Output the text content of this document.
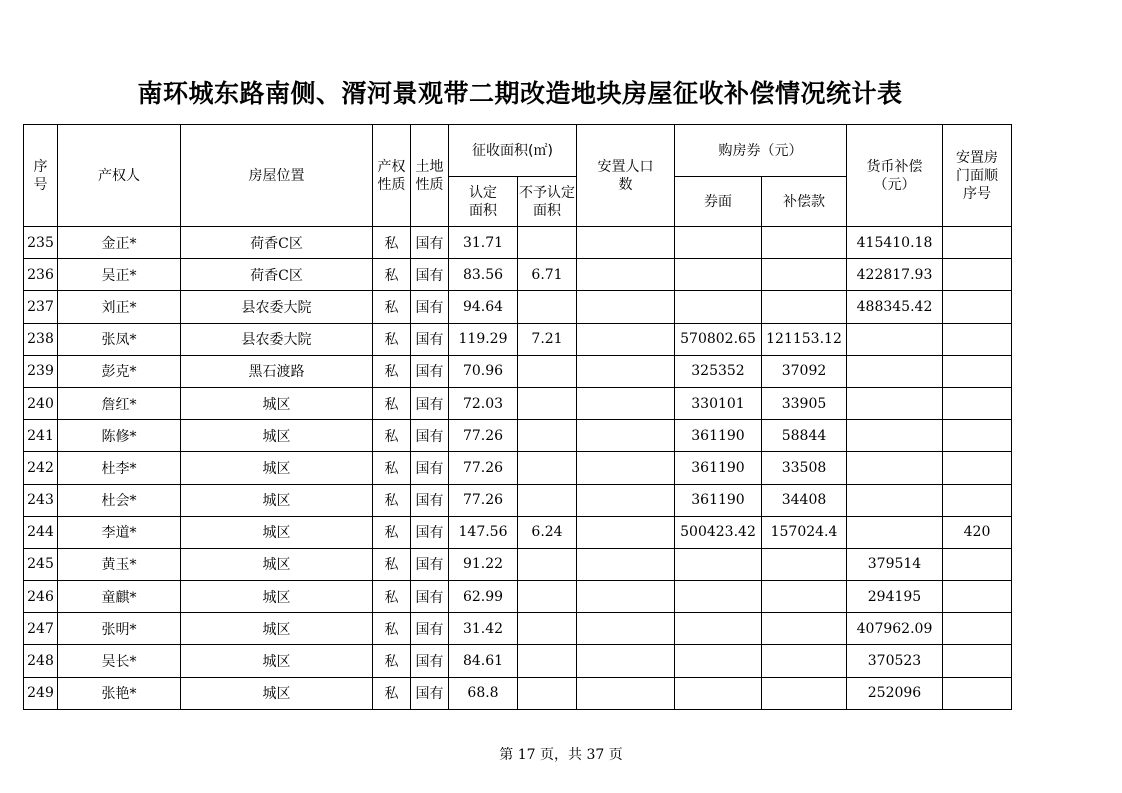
南环城东路南侧、湑河景观带二期改造地块房屋征收补偿情况统计表
序号	产权人	房屋位置	产权性质	土地性质	征收面积(㎡)		安置人口数	购房券（元）		货币补偿（元）	安置房门面顺序号
					认定面积	不予认定面积		券面	补偿款		
235	金正*	荷香C区	私	国有	31.71					415410.18	
236	吴正*	荷香C区	私	国有	83.56	6.71				422817.93	
237	刘正*	县农委大院	私	国有	94.64					488345.42	
238	张凤*	县农委大院	私	国有	119.29	7.21		570802.65	121153.12		
239	彭克*	黑石渡路	私	国有	70.96			325352	37092		
240	詹红*	城区	私	国有	72.03			330101	33905		
241	陈修*	城区	私	国有	77.26			361190	58844		
242	杜李*	城区	私	国有	77.26			361190	33508		
243	杜会*	城区	私	国有	77.26			361190	34408		
244	李道*	城区	私	国有	147.56	6.24		500423.42	157024.4		420
245	黄玉*	城区	私	国有	91.22					379514	
246	童麒*	城区	私	国有	62.99					294195	
247	张明*	城区	私	国有	31.42					407962.09	
248	吴长*	城区	私	国有	84.61					370523	
249	张艳*	城区	私	国有	68.8					252096	
第 17 页，共 37 页
